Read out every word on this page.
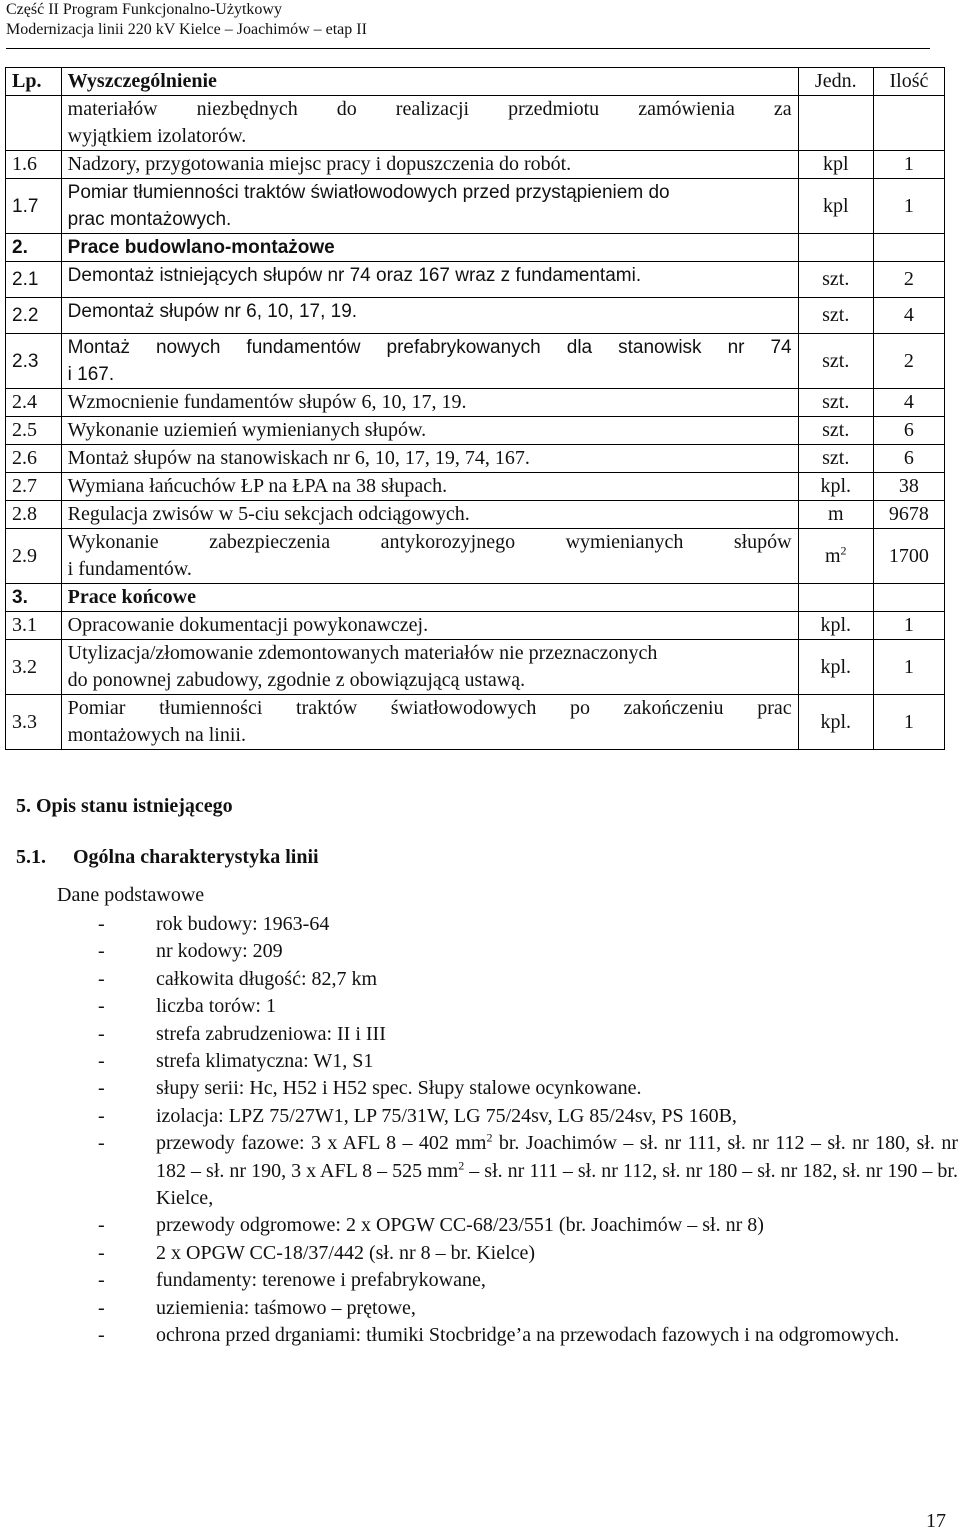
Część II Program Funkcjonalno-Użytkowy
Modernizacja linii 220 kV Kielce – Joachimów – etap II
Lp.	Wyszczególnienie	Jedn.	Ilość

	materiałów niezbędnych do realizacji przedmiotu zamówienia za
wyjątkiem izolatorów.		

1.6	Nadzory, przygotowania miejsc pracy i dopuszczenia do robót.	kpl	1
1.7	Pomiar tłumienności traktów światłowodowych przed przystąpieniem do
prac montażowych.	kpl	1
2.	Prace budowlano-montażowe		
2.1	Demontaż istniejących słupów nr 74 oraz 167 wraz z fundamentami.	szt.	2
2.2	Demontaż słupów nr 6, 10, 17, 19.	szt.	4
2.3	Montaż nowych fundamentów prefabrykowanych dla stanowisk nr 74
i 167.	szt.	2
2.4	Wzmocnienie fundamentów słupów 6, 10, 17, 19.	szt.	4
2.5	Wykonanie uziemień wymienianych słupów.	szt.	6
2.6	Montaż słupów na stanowiskach nr 6, 10, 17, 19, 74, 167.	szt.	6
2.7	Wymiana łańcuchów ŁP na ŁPA na 38 słupach.	kpl.	38
2.8	Regulacja zwisów w 5-ciu sekcjach odciągowych.	m	9678
2.9	Wykonanie zabezpieczenia antykorozyjnego wymienianych słupów
i fundamentów.	$m^2$	1700
3.	Prace końcowe		
3.1	Opracowanie dokumentacji powykonawczej.	kpl.	1
3.2	Utylizacja/złomowanie zdemontowanych materiałów nie przeznaczonych
do ponownej zabudowy, zgodnie z obowiązującą ustawą.	kpl.	1
3.3	Pomiar tłumienności traktów światłowodowych po zakończeniu prac
montażowych na linii.	kpl.	1
5. Opis stanu istniejącego
5.1. Ogólna charakterystyka linii
Dane podstawowe
-	rok budowy: 1963-64
-	nr kodowy: 209
-	całkowita długość: 82,7 km
-	liczba torów: 1
-	strefa zabrudzeniowa: II i III
-	strefa klimatyczna: W1, S1
-	słupy serii: Hc, H52 i H52 spec. Słupy stalowe ocynkowane.
-	izolacja: LPZ 75/27W1, LP 75/31W, LG 75/24sv, LG 85/24sv, PS 160B,
-	przewody fazowe: 3 x AFL 8 – 402 $mm^2$ br. Joachimów – sł. nr 111, sł. nr 112 – sł. nr 180, sł. nr 182 – sł. nr 190, 3 x AFL 8 – 525 $mm^2$ – sł. nr 111 – sł. nr 112, sł. nr 180 – sł. nr 182, sł. nr 190 – br. Kielce,
-	przewody odgromowe: 2 x OPGW CC-68/23/551 (br. Joachimów – sł. nr 8)
-	2 x OPGW CC-18/37/442 (sł. nr 8 – br. Kielce)
-	fundamenty: terenowe i prefabrykowane,
-	uziemienia: taśmowo – prętowe,
-	ochrona przed drganiami: tłumiki Stocbridge’a na przewodach fazowych i na odgromowych.
17
